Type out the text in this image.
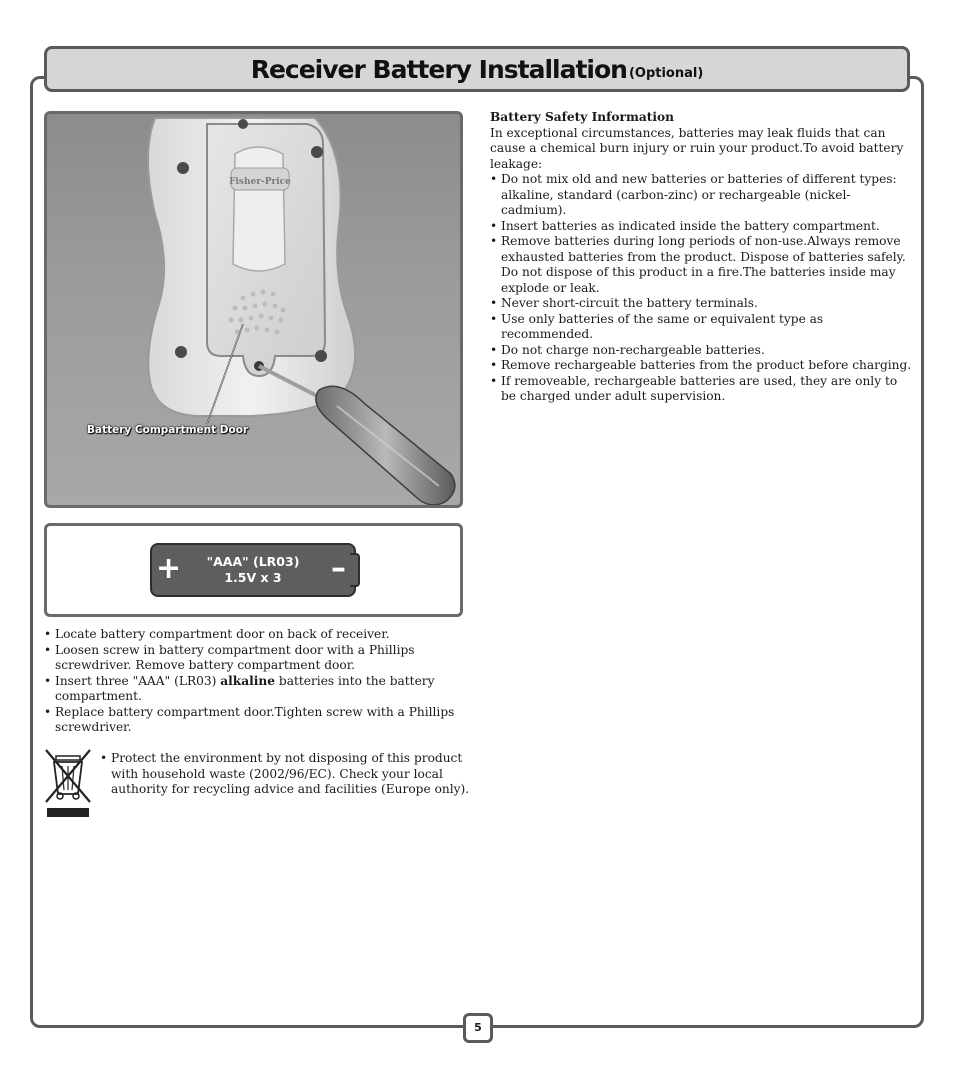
Receiver Battery Installation (Optional)
Fisher-Price
Battery Compartment Door
+	"AAA" (LR03)
1.5V x 3	–
• Locate battery compartment door on back of receiver.
• Loosen screw in battery compartment door with a Phillips screwdriver. Remove battery compartment door.
• Insert three "AAA" (LR03) alkaline batteries into the battery compartment.
• Replace battery compartment door.Tighten screw with a Phillips screwdriver.
• Protect the environment by not disposing of this product with household waste (2002/96/EC). Check your local authority for recycling advice and facilities (Europe only).
Battery Safety Information
In exceptional circumstances, batteries may leak fluids that can cause a chemical burn injury or ruin your product.To avoid battery leakage:
• Do not mix old and new batteries or batteries of different types: alkaline, standard (carbon-zinc) or rechargeable (nickel-cadmium).
• Insert batteries as indicated inside the battery compartment.
• Remove batteries during long periods of non-use.Always remove exhausted batteries from the product. Dispose of batteries safely. Do not dispose of this product in a fire.The batteries inside may explode or leak.
• Never short-circuit the battery terminals.
• Use only batteries of the same or equivalent type as recommended.
• Do not charge non-rechargeable batteries.
• Remove rechargeable batteries from the product before charging.
• If removeable, rechargeable batteries are used, they are only to be charged under adult supervision.
5
